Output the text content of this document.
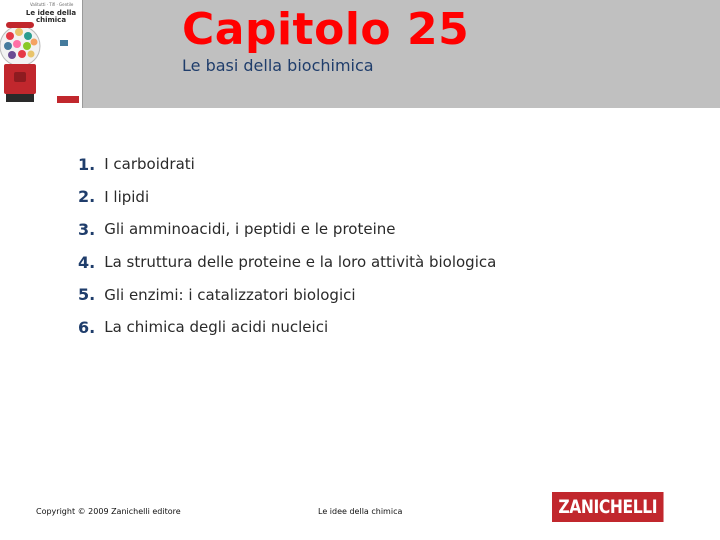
Valitutti · Tifi · Gentile
Le idee della chimica	Capitolo 25
Le basi della biochimica
1. I carboidrati
2. I lipidi
3. Gli amminoacidi, i peptidi e le proteine
4. La struttura delle proteine e la loro attività biologica
5. Gli enzimi: i catalizzatori biologici
6. La chimica degli acidi nucleici
Copyright © 2009 Zanichelli editore	Le idee della chimica	ZANICHELLI
